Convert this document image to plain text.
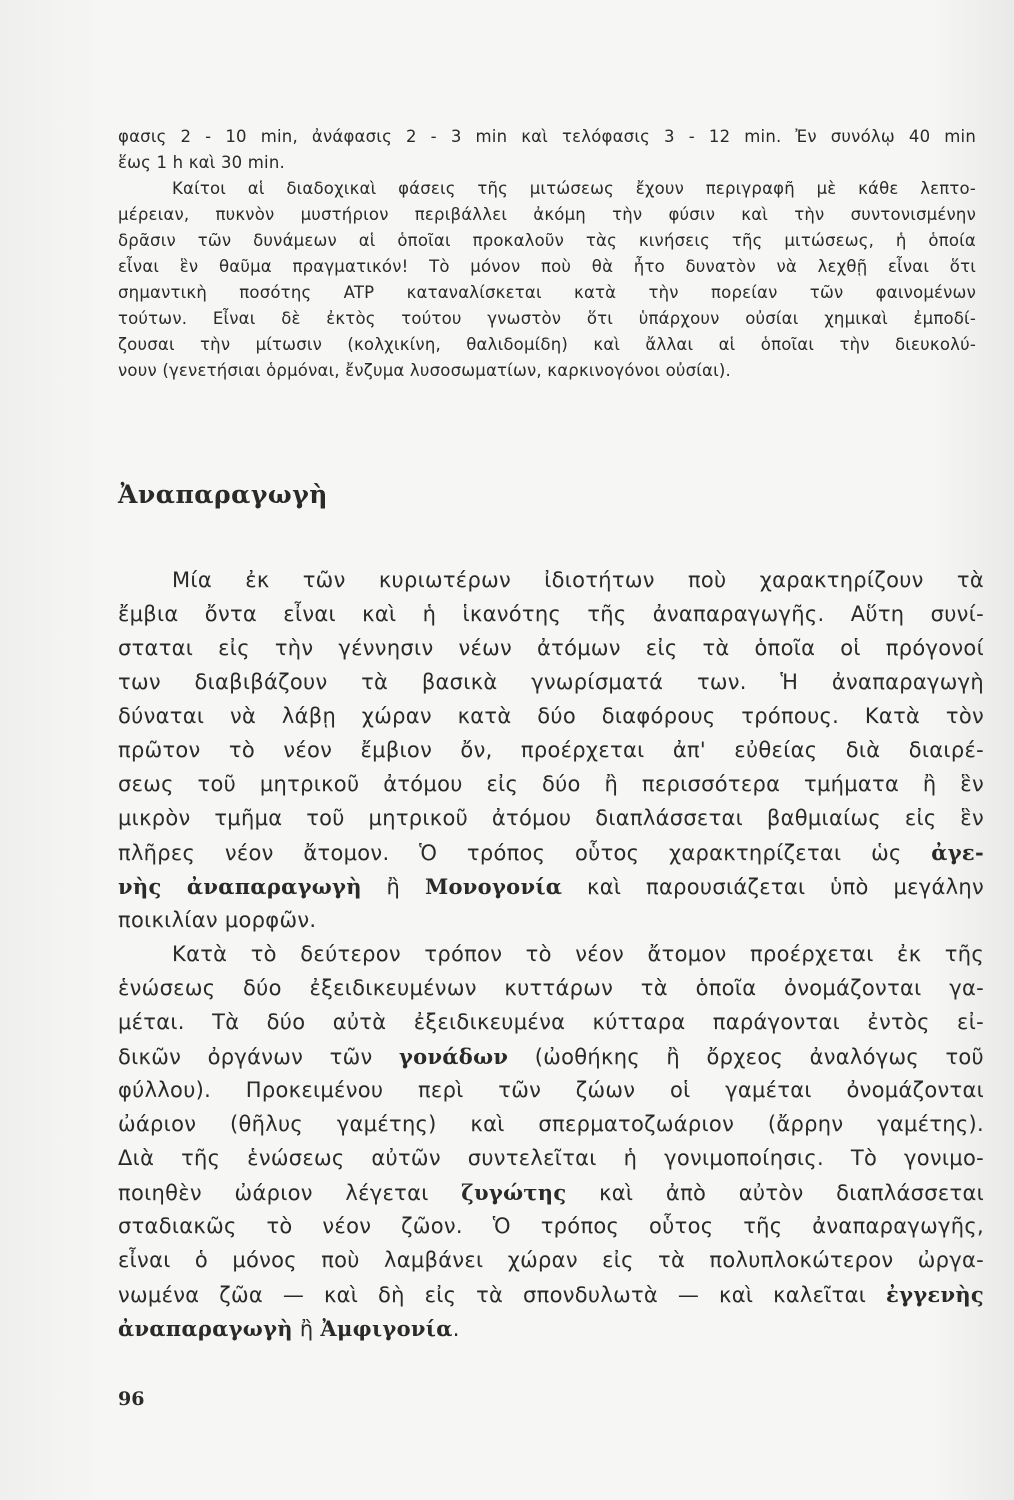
φασις 2 - 10 min, ἀνάφασις 2 - 3 min καὶ τελόφασις 3 - 12 min. Ἐν συνόλῳ 40 min
ἕως 1 h καὶ 30 min.
Καίτοι αἱ διαδοχικαὶ φάσεις τῆς μιτώσεως ἔχουν περιγραφῆ μὲ κάθε λεπτο-
μέρειαν, πυκνὸν μυστήριον περιβάλλει ἀκόμη τὴν φύσιν καὶ τὴν συντονισμένην
δρᾶσιν τῶν δυνάμεων αἱ ὁποῖαι προκαλοῦν τὰς κινήσεις τῆς μιτώσεως, ἡ ὁποία
εἶναι ἓν θαῦμα πραγματικόν! Τὸ μόνον ποὺ θὰ ἦτο δυνατὸν νὰ λεχθῇ εἶναι ὅτι
σημαντικὴ ποσότης ATP καταναλίσκεται κατὰ τὴν πορείαν τῶν φαινομένων
τούτων. Εἶναι δὲ ἐκτὸς τούτου γνωστὸν ὅτι ὑπάρχουν οὐσίαι χημικαὶ ἐμποδί-
ζουσαι τὴν μίτωσιν (κολχικίνη, θαλιδομίδη) καὶ ἄλλαι αἱ ὁποῖαι τὴν διευκολύ-
νουν (γενετήσιαι ὁρμόναι, ἔνζυμα λυσοσωματίων, καρκινογόνοι οὐσίαι).
Ἀναπαραγωγὴ
Μία ἐκ τῶν κυριωτέρων ἰδιοτήτων ποὺ χαρακτηρίζουν τὰ
ἔμβια ὄντα εἶναι καὶ ἡ ἱκανότης τῆς ἀναπαραγωγῆς. Αὕτη συνί-
σταται εἰς τὴν γέννησιν νέων ἀτόμων εἰς τὰ ὁποῖα οἱ πρόγονοί
των διαβιβάζουν τὰ βασικὰ γνωρίσματά των. Ἡ ἀναπαραγωγὴ
δύναται νὰ λάβῃ χώραν κατὰ δύο διαφόρους τρόπους. Κατὰ τὸν
πρῶτον τὸ νέον ἔμβιον ὄν, προέρχεται ἀπ' εὐθείας διὰ διαιρέ-
σεως τοῦ μητρικοῦ ἀτόμου εἰς δύο ἢ περισσότερα τμήματα ἢ ἓν
μικρὸν τμῆμα τοῦ μητρικοῦ ἀτόμου διαπλάσσεται βαθμιαίως εἰς ἓν
πλῆρες νέον ἄτομον. Ὁ τρόπος οὗτος χαρακτηρίζεται ὡς ἀγε-
νὴς ἀναπαραγωγὴ ἢ Μονογονία καὶ παρουσιάζεται ὑπὸ μεγάλην
ποικιλίαν μορφῶν.
Κατὰ τὸ δεύτερον τρόπον τὸ νέον ἄτομον προέρχεται ἐκ τῆς
ἑνώσεως δύο ἐξειδικευμένων κυττάρων τὰ ὁποῖα ὀνομάζονται γα-
μέται. Τὰ δύο αὐτὰ ἐξειδικευμένα κύτταρα παράγονται ἐντὸς εἰ-
δικῶν ὀργάνων τῶν γονάδων (ὠοθήκης ἢ ὄρχεος ἀναλόγως τοῦ
φύλλου). Προκειμένου περὶ τῶν ζώων οἱ γαμέται ὀνομάζονται
ὠάριον (θῆλυς γαμέτης) καὶ σπερματοζωάριον (ἄρρην γαμέτης).
Διὰ τῆς ἑνώσεως αὐτῶν συντελεῖται ἡ γονιμοποίησις. Τὸ γονιμο-
ποιηθὲν ὠάριον λέγεται ζυγώτης καὶ ἀπὸ αὐτὸν διαπλάσσεται
σταδιακῶς τὸ νέον ζῶον. Ὁ τρόπος οὗτος τῆς ἀναπαραγωγῆς,
εἶναι ὁ μόνος ποὺ λαμβάνει χώραν εἰς τὰ πολυπλοκώτερον ὠργα-
νωμένα ζῶα — καὶ δὴ εἰς τὰ σπονδυλωτὰ — καὶ καλεῖται ἐγγενὴς
ἀναπαραγωγὴ ἢ Ἀμφιγονία.
96
